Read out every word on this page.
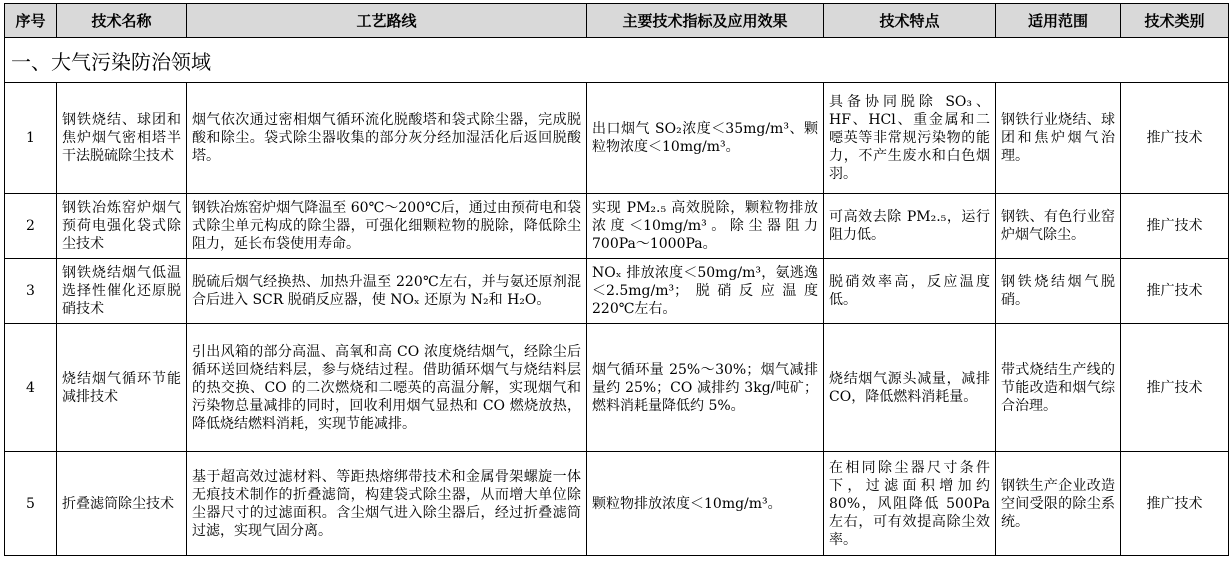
序号	技术名称	工艺路线	主要技术指标及应用效果	技术特点	适用范围	技术类别
一、大气污染防治领域						
1	钢铁烧结、球团和焦炉烟气密相塔半干法脱硫除尘技术	烟气依次通过密相烟气循环流化脱酸塔和袋式除尘器，完成脱酸和除尘。袋式除尘器收集的部分灰分经加湿活化后返回脱酸塔。	出口烟气 SO₂浓度＜35mg/m³、颗粒物浓度＜10mg/m³。	具备协同脱除 SO₃、HF、HCl、重金属和二噁英等非常规污染物的能力，不产生废水和白色烟羽。	钢铁行业烧结、球团和焦炉烟气治理。	推广技术
2	钢铁冶炼窑炉烟气预荷电强化袋式除尘技术	钢铁冶炼窑炉烟气降温至 60℃～200℃后，通过由预荷电和袋式除尘单元构成的除尘器，可强化细颗粒物的脱除，降低除尘阻力，延长布袋使用寿命。	实现 PM₂.₅ 高效脱除，颗粒物排放浓度＜10mg/m³。除尘器阻力 700Pa～1000Pa。	可高效去除 PM₂.₅，运行阻力低。	钢铁、有色行业窑炉烟气除尘。	推广技术
3	钢铁烧结烟气低温选择性催化还原脱硝技术	脱硫后烟气经换热、加热升温至 220℃左右，并与氨还原剂混合后进入 SCR 脱硝反应器，使 NOₓ 还原为 N₂和 H₂O。	NOₓ 排放浓度＜50mg/m³，氨逃逸＜2.5mg/m³；脱硝反应温度 220℃左右。	脱硝效率高，反应温度低。	钢铁烧结烟气脱硝。	推广技术
4	烧结烟气循环节能减排技术	引出风箱的部分高温、高氧和高 CO 浓度烧结烟气，经除尘后循环送回烧结料层，参与烧结过程。借助循环烟气与烧结料层的热交换、CO 的二次燃烧和二噁英的高温分解，实现烟气和污染物总量减排的同时，回收利用烟气显热和 CO 燃烧放热，降低烧结燃料消耗，实现节能减排。	烟气循环量 25%～30%；烟气减排量约 25%；CO 减排约 3kg/吨矿；燃料消耗量降低约 5%。	烧结烟气源头减量，减排 CO，降低燃料消耗量。	带式烧结生产线的节能改造和烟气综合治理。	推广技术
5	折叠滤筒除尘技术	基于超高效过滤材料、等距热熔绑带技术和金属骨架螺旋一体无痕技术制作的折叠滤筒，构建袋式除尘器，从而增大单位除尘器尺寸的过滤面积。含尘烟气进入除尘器后，经过折叠滤筒过滤，实现气固分离。	颗粒物排放浓度＜10mg/m³。	在相同除尘器尺寸条件下，过滤面积增加约 80%，风阻降低 500Pa 左右，可有效提高除尘效率。	钢铁生产企业改造空间受限的除尘系统。	推广技术
